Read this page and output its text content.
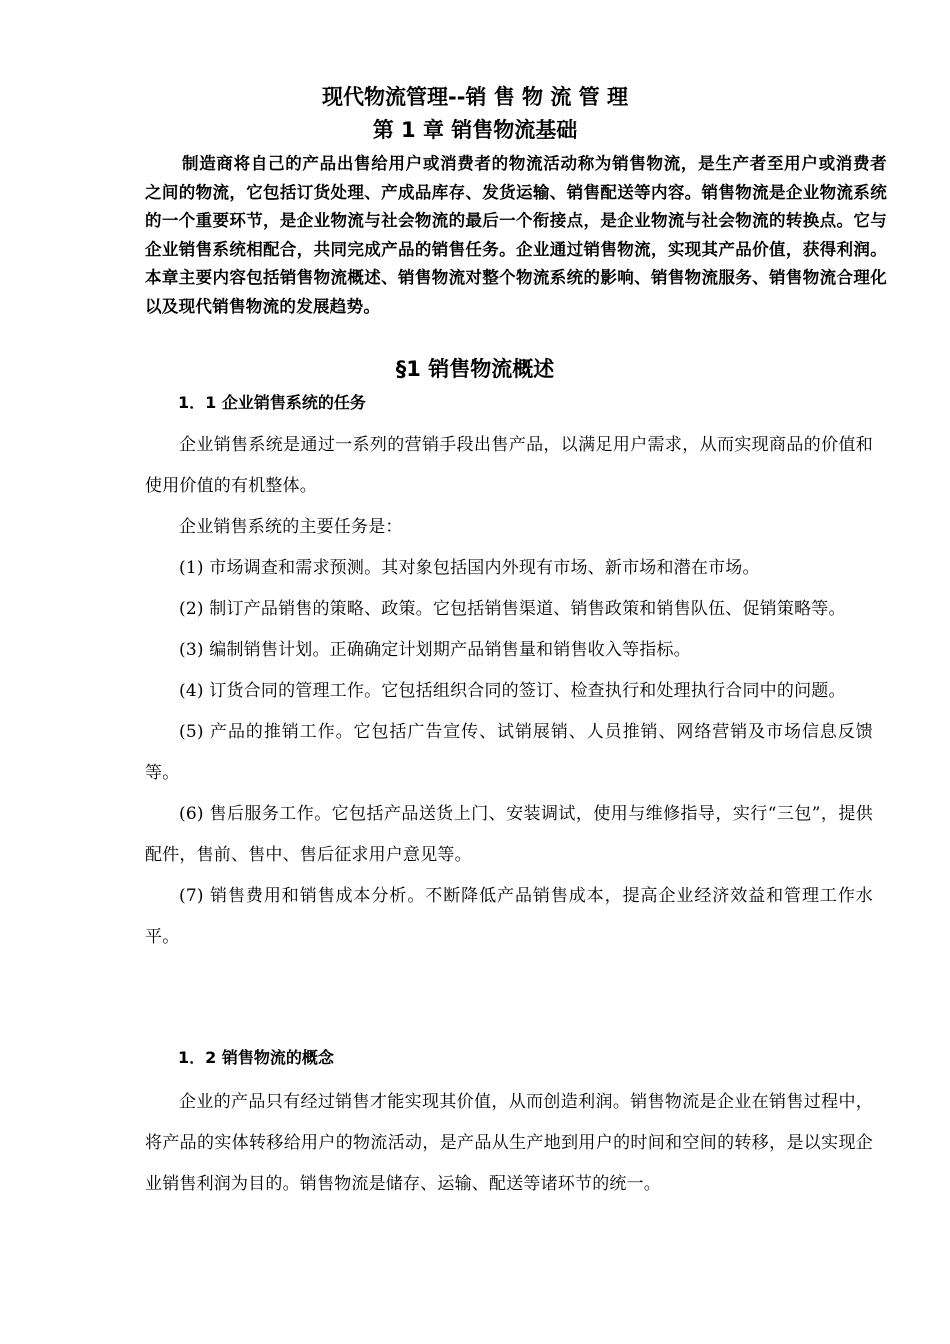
现代物流管理--销 售 物 流 管 理
第 1 章 销售物流基础
制造商将自己的产品出售给用户或消费者的物流活动称为销售物流，是生产者至用户或消费者之间的物流，它包括订货处理、产成品库存、发货运输、销售配送等内容。销售物流是企业物流系统的一个重要环节，是企业物流与社会物流的最后一个衔接点，是企业物流与社会物流的转换点。它与企业销售系统相配合，共同完成产品的销售任务。企业通过销售物流，实现其产品价值，获得利润。本章主要内容包括销售物流概述、销售物流对整个物流系统的影响、销售物流服务、销售物流合理化以及现代销售物流的发展趋势。
§1 销售物流概述
1．1 企业销售系统的任务

企业销售系统是通过一系列的营销手段出售产品，以满足用户需求，从而实现商品的价值和使用价值的有机整体。

企业销售系统的主要任务是：

(1) 市场调查和需求预测。其对象包括国内外现有市场、新市场和潜在市场。

(2) 制订产品销售的策略、政策。它包括销售渠道、销售政策和销售队伍、促销策略等。

(3) 编制销售计划。正确确定计划期产品销售量和销售收入等指标。

(4) 订货合同的管理工作。它包括组织合同的签订、检查执行和处理执行合同中的问题。

(5) 产品的推销工作。它包括广告宣传、试销展销、人员推销、网络营销及市场信息反馈等。

(6) 售后服务工作。它包括产品送货上门、安装调试，使用与维修指导，实行“三包”，提供配件，售前、售中、售后征求用户意见等。

(7) 销售费用和销售成本分析。不断降低产品销售成本，提高企业经济效益和管理工作水平。

1．2 销售物流的概念

企业的产品只有经过销售才能实现其价值，从而创造利润。销售物流是企业在销售过程中，将产品的实体转移给用户的物流活动，是产品从生产地到用户的时间和空间的转移，是以实现企业销售利润为目的。销售物流是储存、运输、配送等诸环节的统一。
